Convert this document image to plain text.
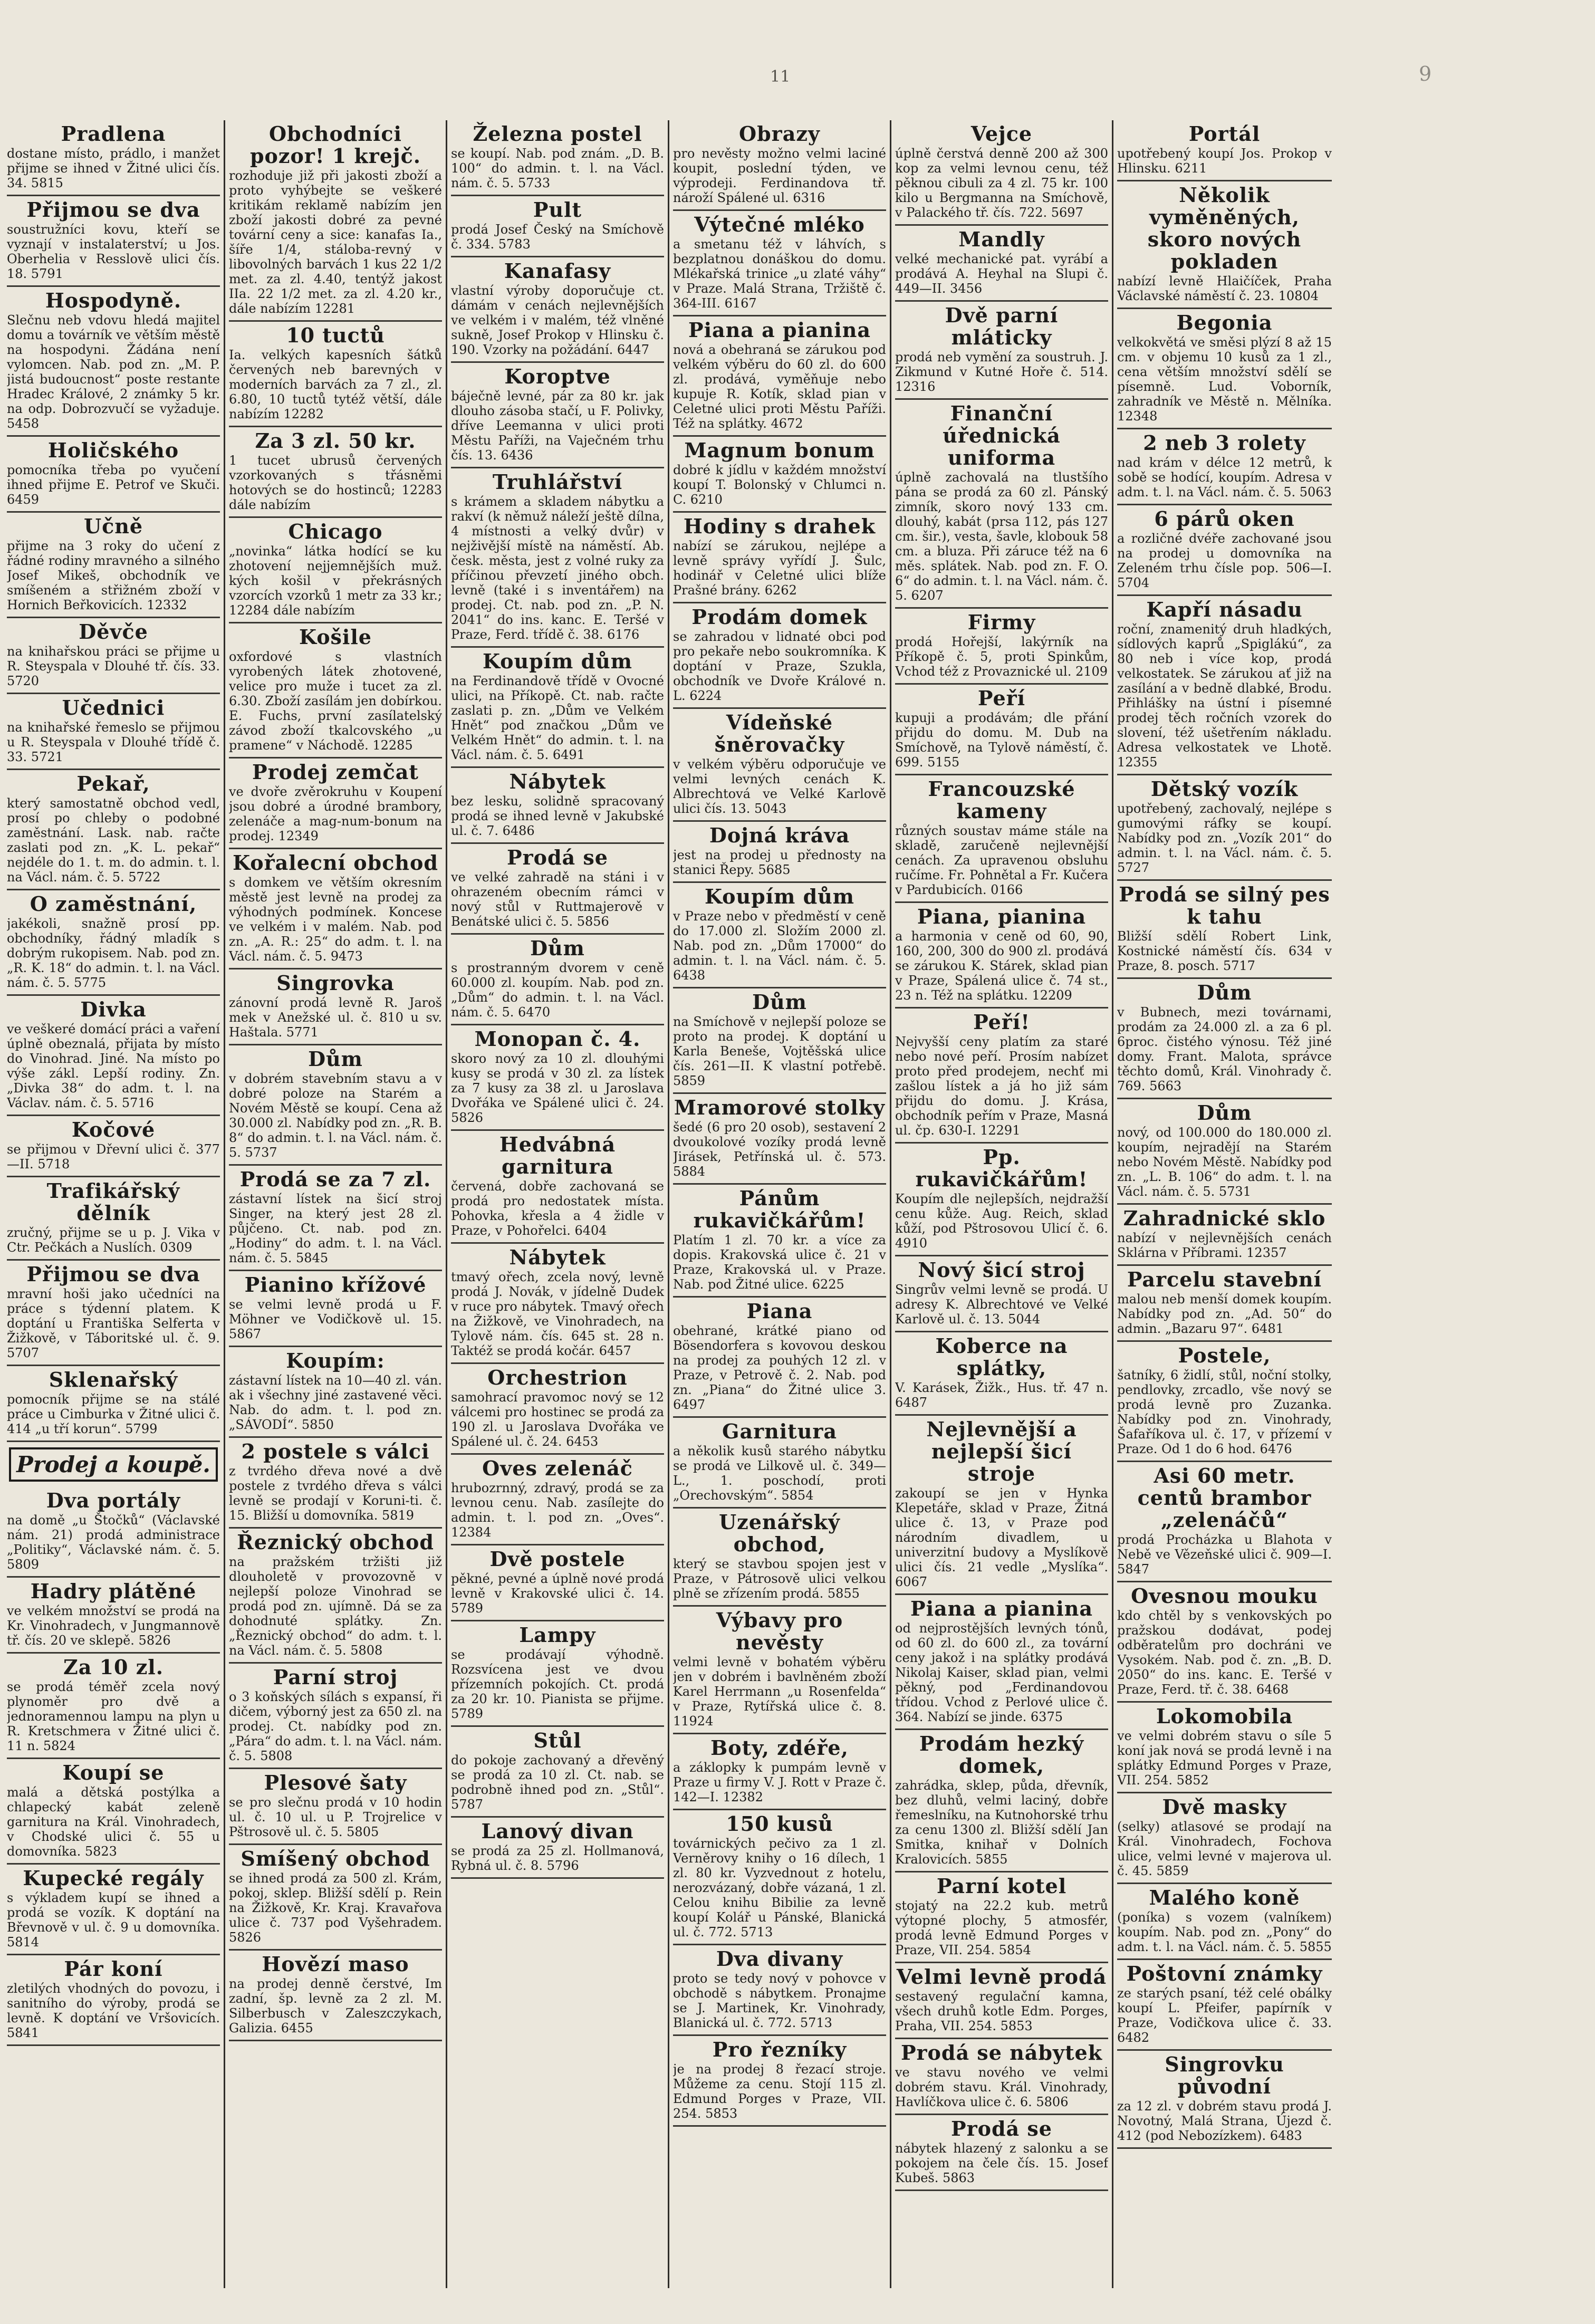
11	9
Pradlena
dostane místo, prádlo, i manžet přijme se ihned v Žitné ulici čís. 34. 5815
Přijmou se dva
soustružníci kovu, kteří se vyznají v instalaterství; u Jos. Oberhelia v Resslově ulici čís. 18. 5791
Hospodyně.
Slečnu neb vdovu hledá majitel domu a továrník ve větším městě na hospodyni. Žádána není vylomcen. Nab. pod zn. „M. P. jistá budoucnost“ poste restante Hradec Králové, 2 známky 5 kr. na odp. Dobrozvučí se vyžaduje. 5458
Holičského
pomocníka třeba po vyučení ihned přijme E. Petrof ve Skuči. 6459
Učně
přijme na 3 roky do učení z řádné rodiny mravného a silného Josef Mikeš, obchodník ve smíšeném a střižném zboží v Hornich Beřkovicích. 12332
Děvče
na knihařskou práci se přijme u R. Steyspala v Dlouhé tř. čís. 33. 5720
Učednici
na knihařské řemeslo se přijmou u R. Steyspala v Dlouhé třídě č. 33. 5721
Pekař,
který samostatně obchod vedl, prosí po chleby o podobné zaměstnání. Lask. nab. račte zaslati pod zn. „K. L. pekař“ nejdéle do 1. t. m. do admin. t. l. na Václ. nám. č. 5. 5722
O zaměstnání,
jakékoli, snažně prosí pp. obchodníky, řádný mladík s dobrým rukopisem. Nab. pod zn. „R. K. 18“ do admin. t. l. na Václ. nám. č. 5. 5775
Divka
ve veškeré domácí práci a vaření úplně obeznalá, přijata by místo do Vinohrad. Jiné. Na místo po výše zákl. Lepší rodiny. Zn. „Divka 38“ do adm. t. l. na Václav. nám. č. 5. 5716
Kočové
se přijmou v Dřevní ulici č. 377—II. 5718
Trafikářský dělník
zručný, přijme se u p. J. Vika v Ctr. Pečkách a Nuslích. 0309
Přijmou se dva
mravní hoši jako učedníci na práce s týdenní platem. K doptání u Františka Selferta v Žižkově, v Táboritské ul. č. 9. 5707
Sklenařský
pomocník přijme se na stálé práce u Cimburka v Žitné ulici č. 414 „u tří korun“. 5799
Prodej a koupě.
Dva portály
na domě „u Štočků“ (Václavské nám. 21) prodá administrace „Politiky“, Václavské nám. č. 5. 5809
Hadry plátěné
ve velkém množství se prodá na Kr. Vinohradech, v Jungmannově tř. čís. 20 ve sklepě. 5826
Za 10 zl.
se prodá téměř zcela nový plynoměr pro dvě a jednoramennou lampu na plyn u R. Kretschmera v Žitné ulici č. 11 n. 5824
Koupí se
malá a dětská postýlka a chlapecký kabát zeleně garnitura na Král. Vinohradech, v Chodské ulici č. 55 u domovníka. 5823
Kupecké regály
s výkladem kupí se ihned a prodá se vozík. K doptání na Břevnově v ul. č. 9 u domovníka. 5814
Pár koní
zletilých vhodných do povozu, i sanitního do výroby, prodá se levně. K doptání ve Vršovicích. 5841
Obchodníci pozor! 1 krejč.
rozhoduje již při jakosti zboží a proto vyhýbejte se veškeré kritikám reklamě nabízím jen zboží jakosti dobré za pevné tovární ceny a sice: kanafas Ia., šíře 1/4, stáloba-revný v libovolných barvách 1 kus 22 1/2 met. za zl. 4.40, tentýž jakost IIa. 22 1/2 met. za zl. 4.20 kr., dále nabízím 12281
10 tuctů
Ia. velkých kapesních šátků červených neb barevných v moderních barvách za 7 zl., zl. 6.80, 10 tuctů tytéž větší, dále nabízím 12282
Za 3 zl. 50 kr.
1 tucet ubrusů červených vzorkovaných s třásněmi hotových se do hostinců; 12283 dále nabízím
Chicago
„novinka“ látka hodící se ku zhotovení nejjemnějších muž. kých košil v překrásných vzorcích vzorků 1 metr za 33 kr.; 12284 dále nabízím
Košile
oxfordové s vlastních vyrobených látek zhotovené, velice pro muže i tucet za zl. 6.30. Zboží zasílám jen dobírkou. E. Fuchs, první zasílatelský závod zboží tkalcovského „u pramene“ v Náchodě. 12285
Prodej zemčat
ve dvoře zvěrokruhu v Koupení jsou dobré a úrodné brambory, zelenáče a mag-num-bonum na prodej. 12349
Kořalecní obchod
s domkem ve větším okresním městě jest levně na prodej za výhodných podmínek. Koncese ve velkém i v malém. Nab. pod zn. „A. R.: 25“ do adm. t. l. na Václ. nám. č. 5. 9473
Singrovka
zánovní prodá levně R. Jaroš mek v Anežské ul. č. 810 u sv. Haštala. 5771
Dům
v dobrém stavebním stavu a v dobré poloze na Starém a Novém Městě se koupí. Cena až 30.000 zl. Nabídky pod zn. „R. B. 8“ do admin. t. l. na Václ. nám. č. 5. 5737
Prodá se za 7 zl.
zástavní lístek na šicí stroj Singer, na který jest 28 zl. půjčeno. Ct. nab. pod zn. „Hodiny“ do adm. t. l. na Václ. nám. č. 5. 5845
Pianino křížové
se velmi levně prodá u F. Möhner ve Vodičkově ul. 15. 5867
Koupím:
zástavní lístek na 10—40 zl. ván. ak i všechny jiné zastavené věci. Nab. do adm. t. l. pod zn. „SÁVODÍ“. 5850
2 postele s válci
z tvrdého dřeva nové a dvě postele z tvrdého dřeva s válci levně se prodají v Koruni-ti. č. 15. Bližší u domovníka. 5819
Řeznický obchod
na pražském tržišti již dlouholetě v provozovně v nejlepší poloze Vinohrad se prodá pod zn. ujímně. Dá se za dohodnuté splátky. Zn. „Řeznický obchod“ do adm. t. l. na Václ. nám. č. 5. 5808
Parní stroj
o 3 koňských sílách s expansí, ři dičem, výborný jest za 650 zl. na prodej. Ct. nabídky pod zn. „Pára“ do adm. t. l. na Václ. nám. č. 5. 5808
Plesové šaty
se pro slečnu prodá v 10 hodin ul. č. 10 ul. u P. Trojrelice v Pštrosově ul. č. 5. 5805
Smíšený obchod
se ihned prodá za 500 zl. Krám, pokoj, sklep. Bližší sdělí p. Rein na Žižkově, Kr. Kraj. Kravařova ulice č. 737 pod Vyšehradem. 5826
Hovězí maso
na prodej denně čerstvé, Im zadní, šp. levně za 2 zl. M. Silberbusch v Zaleszczykach, Galizia. 6455
Železna postel
se koupí. Nab. pod znám. „D. B. 100“ do admin. t. l. na Václ. nám. č. 5. 5733
Pult
prodá Josef Český na Smíchově č. 334. 5783
Kanafasy
vlastní výroby doporučuje ct. dámám v cenách nejlevnějších ve velkém i v malém, též vlněné sukně, Josef Prokop v Hlinsku č. 190. Vzorky na požádání. 6447
Koroptve
báječně levné, pár za 80 kr. jak dlouho zásoba stačí, u F. Polivky, dříve Leemanna v ulici proti Městu Paříži, na Vaječném trhu čís. 13. 6436
Truhlářství
s krámem a skladem nábytku a rakví (k němuž náleží ještě dílna, 4 místnosti a velký dvůr) v nejživější místě na náměstí. Ab. česk. města, jest z volné ruky za příčinou převzetí jiného obch. levně (také i s inventářem) na prodej. Ct. nab. pod zn. „P. N. 2041“ do ins. kanc. E. Teršé v Praze, Ferd. třídě č. 38. 6176
Koupím dům
na Ferdinandově třídě v Ovocné ulici, na Příkopě. Ct. nab. račte zaslati p. zn. „Dům ve Velkém Hnět“ pod značkou „Dům ve Velkém Hnět“ do admin. t. l. na Václ. nám. č. 5. 6491
Nábytek
bez lesku, solidně spracovaný prodá se ihned levně v Jakubské ul. č. 7. 6486
Prodá se
ve velké zahradě na stáni i v ohrazeném obecním rámci v nový stůl v Ruttmajerově v Benátské ulici č. 5. 5856
Dům
s prostranným dvorem v ceně 60.000 zl. koupím. Nab. pod zn. „Dům“ do admin. t. l. na Václ. nám. č. 5. 6470
Monopan č. 4.
skoro nový za 10 zl. dlouhými kusy se prodá v 30 zl. za lístek za 7 kusy za 38 zl. u Jaroslava Dvořáka ve Spálené ulici č. 24. 5826
Hedvábná garnitura
červená, dobře zachovaná se prodá pro nedostatek místa. Pohovka, křesla a 4 židle v Praze, v Pohořelci. 6404
Nábytek
tmavý ořech, zcela nový, levně prodá J. Novák, v jídelně Dudek v ruce pro nábytek. Tmavý ořech na Žižkově, ve Vinohradech, na Tylově nám. čís. 645 st. 28 n. Taktéž se prodá kočár. 6457
Orchestrion
samohrací pravomoc nový se 12 válcemi pro hostinec se prodá za 190 zl. u Jaroslava Dvořáka ve Spálené ul. č. 24. 6453
Oves zelenáč
hrubozrnný, zdravý, prodá se za levnou cenu. Nab. zasílejte do admin. t. l. pod zn. „Oves“. 12384
Dvě postele
pěkné, pevné a úplně nové prodá levně v Krakovské ulici č. 14. 5789
Lampy
se prodávají výhodně. Rozsvícena jest ve dvou přízemních pokojích. Ct. prodá za 20 kr. 10. Pianista se přijme. 5789
Stůl
do pokoje zachovaný a dřevěný se prodá za 10 zl. Ct. nab. se podrobně ihned pod zn. „Stůl“. 5787
Lanový divan
se prodá za 25 zl. Hollmanová, Rybná ul. č. 8. 5796
Obrazy
pro nevěsty možno velmi laciné koupit, poslední týden, ve výprodeji. Ferdinandova tř. nároží Spálené ul. 6316
Výtečné mléko
a smetanu též v láhvích, s bezplatnou donáškou do domu. Mlékařská trinice „u zlaté váhy“ v Praze. Malá Strana, Tržiště č. 364-III. 6167
Piana a pianina
nová a obehraná se zárukou pod velkém výběru do 60 zl. do 600 zl. prodává, vyměňuje nebo kupuje R. Kotík, sklad pian v Celetné ulici proti Městu Paříži. Též na splátky. 4672
Magnum bonum
dobré k jídlu v každém množství koupí T. Bolonský v Chlumci n. C. 6210
Hodiny s drahek
nabízí se zárukou, nejlépe a levně správy vyřídí J. Šulc, hodinář v Celetné ulici blíže Prašné brány. 6262
Prodám domek
se zahradou v lidnaté obci pod pro pekaře nebo soukromníka. K doptání v Praze, Szukla, obchodník ve Dvoře Králové n. L. 6224
Vídeňské šněrovačky
v velkém výběru odporučuje ve velmi levných cenách K. Albrechtová ve Velké Karlově ulici čís. 13. 5043
Dojná kráva
jest na prodej u přednosty na stanici Řepy. 5685
Koupím dům
v Praze nebo v předměstí v ceně do 17.000 zl. Složím 2000 zl. Nab. pod zn. „Dům 17000“ do admin. t. l. na Václ. nám. č. 5. 6438
Dům
na Smíchově v nejlepší poloze se proto na prodej. K doptání u Karla Beneše, Vojtěšská ulice čís. 261—II. K vlastní potřebě. 5859
Mramorové stolky
šedé (6 pro 20 osob), sestavení 2 dvoukolové vozíky prodá levně Jirásek, Petřínská ul. č. 573. 5884
Pánům rukavičkářům!
Platím 1 zl. 70 kr. a více za dopis. Krakovská ulice č. 21 v Praze, Krakovská ul. v Praze. Nab. pod Žitné ulice. 6225
Piana
obehrané, krátké piano od Bösendorfera s kovovou deskou na prodej za pouhých 12 zl. v Praze, v Petrově č. 2. Nab. pod zn. „Piana“ do Žitné ulice 3. 6497
Garnitura
a několik kusů starého nábytku se prodá ve Lilkově ul. č. 349—L., 1. poschodí, proti „Orechovským“. 5854
Uzenářský obchod,
který se stavbou spojen jest v Praze, v Pátrosově ulici velkou plně se zřízením prodá. 5855
Výbavy pro nevěsty
velmi levně v bohatém výběru jen v dobrém i bavlněném zboží Karel Herrmann „u Rosenfelda“ v Praze, Rytířská ulice č. 8. 11924
Boty, zdéře,
a záklopky k pumpám levně v Praze u firmy V. J. Rott v Praze č. 142—I. 12382
150 kusů
továrnických pečivo za 1 zl. Verněrovy knihy o 16 dílech, 1 zl. 80 kr. Vyzvednout z hotelu, nerozvázaný, dobře vázaná, 1 zl. Celou knihu Bibilie za levně koupí Kolář u Pánské, Blanická ul. č. 772. 5713
Dva divany
proto se tedy nový v pohovce v obchodě s nábytkem. Pronajme se J. Martinek, Kr. Vinohrady, Blanická ul. č. 772. 5713
Pro řezníky
je na prodej 8 řezací stroje. Můžeme za cenu. Stojí 115 zl. Edmund Porges v Praze, VII. 254. 5853
Vejce
úplně čerstvá denně 200 až 300 kop za velmi levnou cenu, též pěknou cibuli za 4 zl. 75 kr. 100 kilo u Bergmanna na Smíchově, v Palackého tř. čís. 722. 5697
Mandly
velké mechanické pat. vyrábí a prodává A. Heyhal na Slupi č. 449—II. 3456
Dvě parní mláticky
prodá neb vymění za soustruh. J. Zikmund v Kutné Hoře č. 514. 12316
Finanční úřednická uniforma
úplně zachovalá na tlustšího pána se prodá za 60 zl. Pánský zimník, skoro nový 133 cm. dlouhý, kabát (prsa 112, pás 127 cm. šir.), vesta, šavle, klobouk 58 cm. a bluza. Při záruce též na 6 měs. splátek. Nab. pod zn. F. O. 6“ do admin. t. l. na Václ. nám. č. 5. 6207
Firmy
prodá Hořejší, lakýrník na Příkopě č. 5, proti Spinkům, Vchod též z Provaznické ul. 2109
Peří
kupuji a prodávám; dle přání přijdu do domu. M. Dub na Smíchově, na Tylově náměstí, č. 699. 5155
Francouzské kameny
různých soustav máme stále na skladě, zaručeně nejlevnější cenách. Za upravenou obsluhu ručíme. Fr. Pohnětal a Fr. Kučera v Pardubicích. 0166
Piana, pianina
a harmonia v ceně od 60, 90, 160, 200, 300 do 900 zl. prodává se zárukou K. Stárek, sklad pian v Praze, Spálená ulice č. 74 st., 23 n. Též na splátku. 12209
Peří!
Nejvyšší ceny platím za staré nebo nové peří. Prosím nabízet proto před prodejem, nechť mi zašlou lístek a já ho již sám přijdu do domu. J. Krása, obchodník peřím v Praze, Masná ul. čp. 630-I. 12291
Pp. rukavičkářům!
Koupím dle nejlepších, nejdražší cenu kůže. Aug. Reich, sklad kůží, pod Pštrosovou Ulicí č. 6. 4910
Nový šicí stroj
Singrův velmi levně se prodá. U adresy K. Albrechtové ve Velké Karlově ul. č. 13. 5044
Koberce na splátky,
V. Karásek, Žižk., Hus. tř. 47 n. 6487
Nejlevnější a nejlepší šicí stroje
zakoupí se jen v Hynka Klepetáře, sklad v Praze, Žitná ulice č. 13, v Praze pod národním divadlem, u univerzitní budovy a Myslíkově ulici čís. 21 vedle „Myslíka“. 6067
Piana a pianina
od nejprostějších levných tónů, od 60 zl. do 600 zl., za tovární ceny jakož i na splátky prodává Nikolaj Kaiser, sklad pian, velmi pěkný, pod „Ferdinandovou třídou. Vchod z Perlové ulice č. 364. Nabízí se jinde. 6375
Prodám hezký domek,
zahrádka, sklep, půda, dřevník, bez dluhů, velmi laciný, dobře řemeslníku, na Kutnohorské trhu za cenu 1300 zl. Bližší sdělí Jan Smitka, knihař v Dolních Kralovicích. 5855
Parní kotel
stojatý na 22.2 kub. metrů výtopné plochy, 5 atmosfér, prodá levně Edmund Porges v Praze, VII. 254. 5854
Velmi levně prodá
sestavený regulační kamna, všech druhů kotle Edm. Porges, Praha, VII. 254. 5853
Prodá se nábytek
ve stavu nového ve velmi dobrém stavu. Král. Vinohrady, Havlíčkova ulice č. 6. 5806
Prodá se
nábytek hlazený z salonku a se pokojem na čele čís. 15. Josef Kubeš. 5863
Portál
upotřebený koupí Jos. Prokop v Hlinsku. 6211
Několik vyměněných, skoro nových pokladen
nabízí levně Hlaičíček, Praha Václavské náměstí č. 23. 10804
Begonia
velkokvětá ve směsi plýzí 8 až 15 cm. v objemu 10 kusů za 1 zl., cena větším množství sdělí se písemně. Lud. Voborník, zahradník ve Městě n. Mělníka. 12348
2 neb 3 rolety
nad krám v délce 12 metrů, k sobě se hodící, koupím. Adresa v adm. t. l. na Václ. nám. č. 5. 5063
6 párů oken
a rozličné dvéře zachované jsou na prodej u domovníka na Zeleném trhu čísle pop. 506—I. 5704
Kapří násadu
roční, znamenitý druh hladkých, sídlových kaprů „Spiglákú“, za 80 neb i více kop, prodá velkostatek. Se zárukou ať již na zasílání a v bedně dlabké, Brodu. Přihlášky na ústní i písemné prodej těch ročních vzorek do slovení, též ušetřením nákladu. Adresa velkostatek ve Lhotě. 12355
Dětský vozík
upotřebený, zachovalý, nejlépe s gumovými ráfky se koupí. Nabídky pod zn. „Vozík 201“ do admin. t. l. na Václ. nám. č. 5. 5727
Prodá se silný pes k tahu
Bližší sdělí Robert Link, Kostnické náměstí čís. 634 v Praze, 8. posch. 5717
Dům
v Bubnech, mezi továrnami, prodám za 24.000 zl. a za 6 pl. 6proc. čistého výnosu. Též jiné domy. Frant. Malota, správce těchto domů, Král. Vinohrady č. 769. 5663
Dům
nový, od 100.000 do 180.000 zl. koupím, nejradějí na Starém nebo Novém Městě. Nabídky pod zn. „L. B. 106“ do adm. t. l. na Václ. nám. č. 5. 5731
Zahradnické sklo
nabízí v nejlevnějších cenách Sklárna v Příbrami. 12357
Parcelu stavební
malou neb menší domek koupím. Nabídky pod zn. „Ad. 50“ do admin. „Bazaru 97“. 6481
Postele,
šatníky, 6 židlí, stůl, noční stolky, pendlovky, zrcadlo, vše nový se prodá levně pro Zuzanka. Nabídky pod zn. Vinohrady, Šafaříkova ul. č. 17, v přízemí v Praze. Od 1 do 6 hod. 6476
Asi 60 metr. centů brambor „zelenáčů“
prodá Procházka u Blahota v Nebě ve Vězeňské ulici č. 909—I. 5847
Ovesnou mouku
kdo chtěl by s venkovských po pražskou dodávat, podej odběratelům pro dochráni ve Vysokém. Nab. pod č. zn. „B. D. 2050“ do ins. kanc. E. Teršé v Praze, Ferd. tř. č. 38. 6468
Lokomobila
ve velmi dobrém stavu o síle 5 koní jak nová se prodá levně i na splátky Edmund Porges v Praze, VII. 254. 5852
Dvě masky
(selky) atlasové se prodají na Král. Vinohradech, Fochova ulice, velmi levné v majerova ul. č. 45. 5859
Malého koně
(poníka) s vozem (valníkem) koupím. Nab. pod zn. „Pony“ do adm. t. l. na Václ. nám. č. 5. 5855
Poštovní známky
ze starých psaní, též celé obálky koupí L. Pfeifer, papírník v Praze, Vodičkova ulice č. 33. 6482
Singrovku původní
za 12 zl. v dobrém stavu prodá J. Novotný, Malá Strana, Újezd č. 412 (pod Nebozízkem). 6483
